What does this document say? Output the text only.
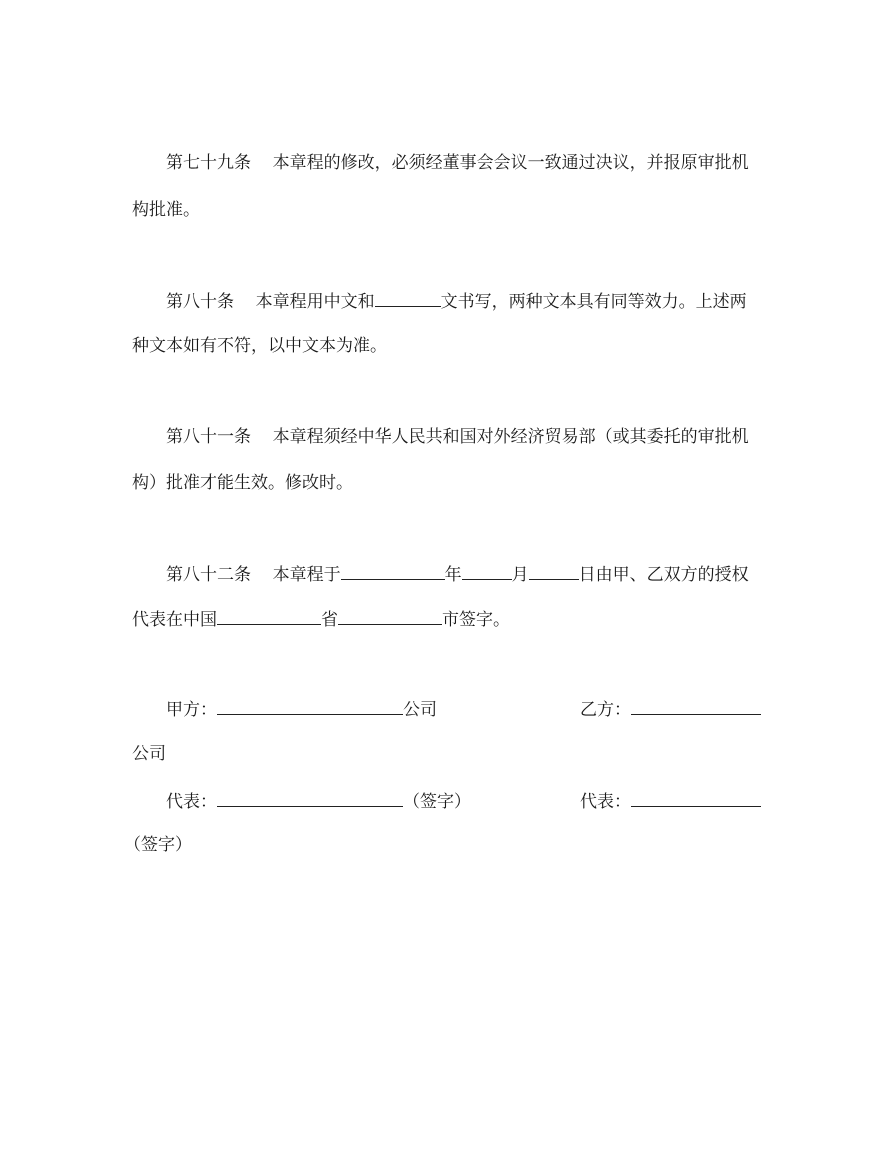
第七十九条 本章程的修改，必须经董事会会议一致通过决议，并报原审批机
构批准。
第八十条 本章程用中文和	文书写，两种文本具有同等效力。上述两
种文本如有不符，以中文本为准。
第八十一条 本章程须经中华人民共和国对外经济贸易部（或其委托的审批机
构）批准才能生效。修改时。
第八十二条 本章程于	年	月	日由甲、乙双方的授权
代表在中国	省	市签字。
甲方：	公司	乙方：
公司
代表：	（签字）	代表：
（签字）
